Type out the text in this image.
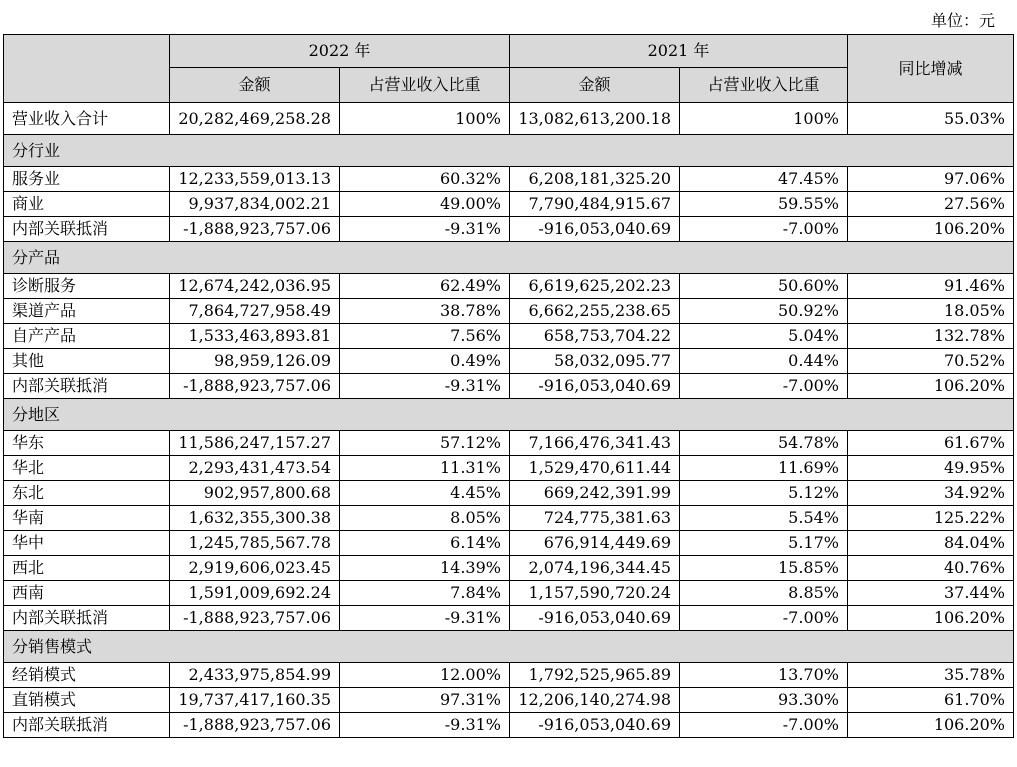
单位：元
	2022 年		2021 年		同比增减
	金额	占营业收入比重	金额	占营业收入比重	
营业收入合计	20,282,469,258.28	100%	13,082,613,200.18	100%	55.03%
分行业					
服务业	12,233,559,013.13	60.32%	6,208,181,325.20	47.45%	97.06%
商业	9,937,834,002.21	49.00%	7,790,484,915.67	59.55%	27.56%
内部关联抵消	-1,888,923,757.06	-9.31%	-916,053,040.69	-7.00%	106.20%
分产品					
诊断服务	12,674,242,036.95	62.49%	6,619,625,202.23	50.60%	91.46%
渠道产品	7,864,727,958.49	38.78%	6,662,255,238.65	50.92%	18.05%
自产产品	1,533,463,893.81	7.56%	658,753,704.22	5.04%	132.78%
其他	98,959,126.09	0.49%	58,032,095.77	0.44%	70.52%
内部关联抵消	-1,888,923,757.06	-9.31%	-916,053,040.69	-7.00%	106.20%
分地区					
华东	11,586,247,157.27	57.12%	7,166,476,341.43	54.78%	61.67%
华北	2,293,431,473.54	11.31%	1,529,470,611.44	11.69%	49.95%
东北	902,957,800.68	4.45%	669,242,391.99	5.12%	34.92%
华南	1,632,355,300.38	8.05%	724,775,381.63	5.54%	125.22%
华中	1,245,785,567.78	6.14%	676,914,449.69	5.17%	84.04%
西北	2,919,606,023.45	14.39%	2,074,196,344.45	15.85%	40.76%
西南	1,591,009,692.24	7.84%	1,157,590,720.24	8.85%	37.44%
内部关联抵消	-1,888,923,757.06	-9.31%	-916,053,040.69	-7.00%	106.20%
分销售模式					
经销模式	2,433,975,854.99	12.00%	1,792,525,965.89	13.70%	35.78%
直销模式	19,737,417,160.35	97.31%	12,206,140,274.98	93.30%	61.70%
内部关联抵消	-1,888,923,757.06	-9.31%	-916,053,040.69	-7.00%	106.20%
